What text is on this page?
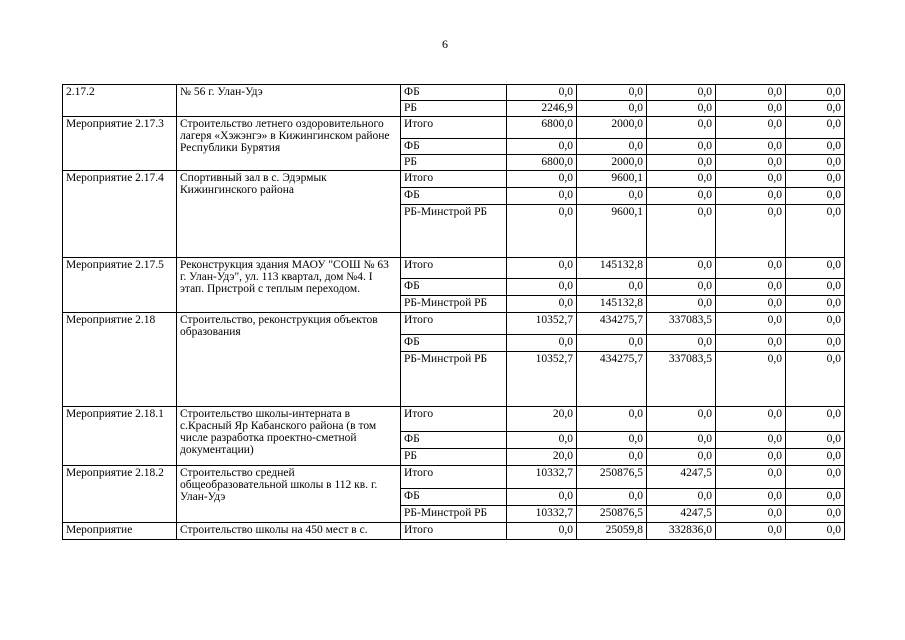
6
2.17.2	№ 56 г. Улан-Удэ	ФБ	0,0	0,0	0,0	0,0	0,0
		РБ	2246,9	0,0	0,0	0,0	0,0
Мероприятие 2.17.3	Строительство летнего оздоровительного лагеря «Хэжэнгэ» в Кижингинском районе Республики Бурятия	Итого	6800,0	2000,0	0,0	0,0	0,0
		ФБ	0,0	0,0	0,0	0,0	0,0
		РБ	6800,0	2000,0	0,0	0,0	0,0
Мероприятие 2.17.4	Спортивный зал в с. Эдэрмык Кижингинского района	Итого	0,0	9600,1	0,0	0,0	0,0
		ФБ	0,0	0,0	0,0	0,0	0,0
		РБ-Минстрой РБ	0,0	9600,1	0,0	0,0	0,0
Мероприятие 2.17.5	Реконструкция здания МАОУ "СОШ № 63 г. Улан-Удэ", ул. 113 квартал, дом №4. I этап. Пристрой с теплым переходом.	Итого	0,0	145132,8	0,0	0,0	0,0
		ФБ	0,0	0,0	0,0	0,0	0,0
		РБ-Минстрой РБ	0,0	145132,8	0,0	0,0	0,0
Мероприятие 2.18	Строительство, реконструкция объектов образования	Итого	10352,7	434275,7	337083,5	0,0	0,0
		ФБ	0,0	0,0	0,0	0,0	0,0
		РБ-Минстрой РБ	10352,7	434275,7	337083,5	0,0	0,0
Мероприятие 2.18.1	Строительство школы-интерната в с.Красный Яр Кабанского района (в том числе разработка проектно-сметной документации)	Итого	20,0	0,0	0,0	0,0	0,0
		ФБ	0,0	0,0	0,0	0,0	0,0
		РБ	20,0	0,0	0,0	0,0	0,0
Мероприятие 2.18.2	Строительство средней общеобразовательной школы в 112 кв. г. Улан-Удэ	Итого	10332,7	250876,5	4247,5	0,0	0,0
		ФБ	0,0	0,0	0,0	0,0	0,0
		РБ-Минстрой РБ	10332,7	250876,5	4247,5	0,0	0,0
Мероприятие	Строительство школы на 450 мест в с.	Итого	0,0	25059,8	332836,0	0,0	0,0
